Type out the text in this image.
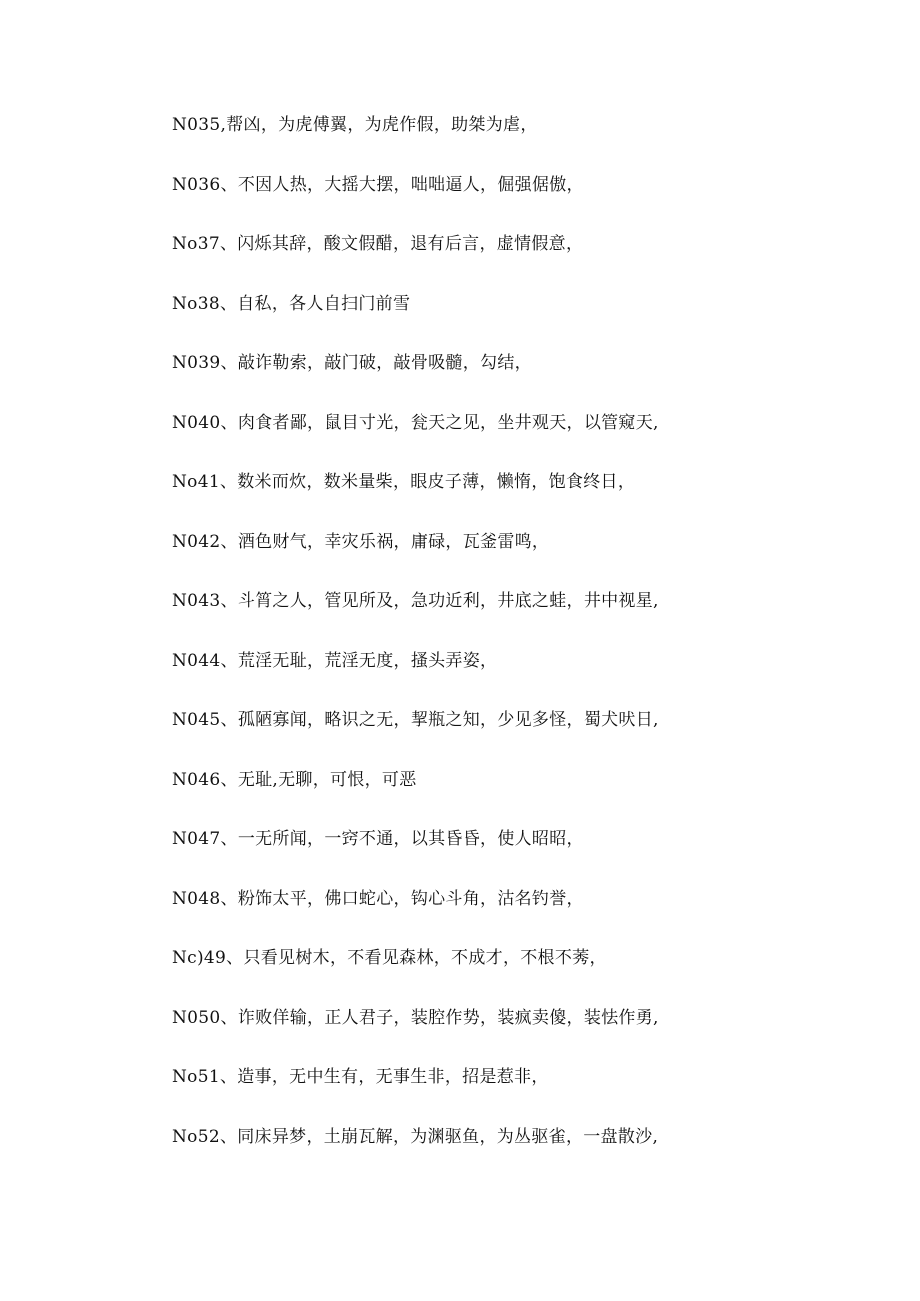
N035,帮凶，为虎傅翼，为虎作假，助桀为虐，
N036、不因人热，大摇大摆，咄咄逼人，倔强倨傲，
No37、闪烁其辞，酸文假醋，退有后言，虚情假意，
No38、自私，各人自扫门前雪
N039、敲诈勒索，敲门破，敲骨吸髓，勾结，
N040、肉食者鄙，鼠目寸光，瓮天之见，坐井观天，以管窥天,
No41、数米而炊，数米量柴，眼皮子薄，懒惰，饱食终日，
N042、酒色财气，幸灾乐祸，庸碌，瓦釜雷鸣，
N043、斗筲之人，管见所及，急功近利，井底之蛙，井中视星,
N044、荒淫无耻，荒淫无度，搔头弄姿，
N045、孤陋寡闻，略识之无，挈瓶之知，少见多怪，蜀犬吠日,
N046、无耻,无聊，可恨，可恶
N047、一无所闻，一窍不通，以其昏昏，使人昭昭，
N048、粉饰太平，佛口蛇心，钩心斗角，沽名钓誉，
Nc)49、只看见树木，不看见森林，不成才，不根不莠，
N050、诈败佯输，正人君子，装腔作势，装疯卖傻，装怯作勇,
No51、造事，无中生有，无事生非，招是惹非，
No52、同床异梦，土崩瓦解，为渊驱鱼，为丛驱雀，一盘散沙,
